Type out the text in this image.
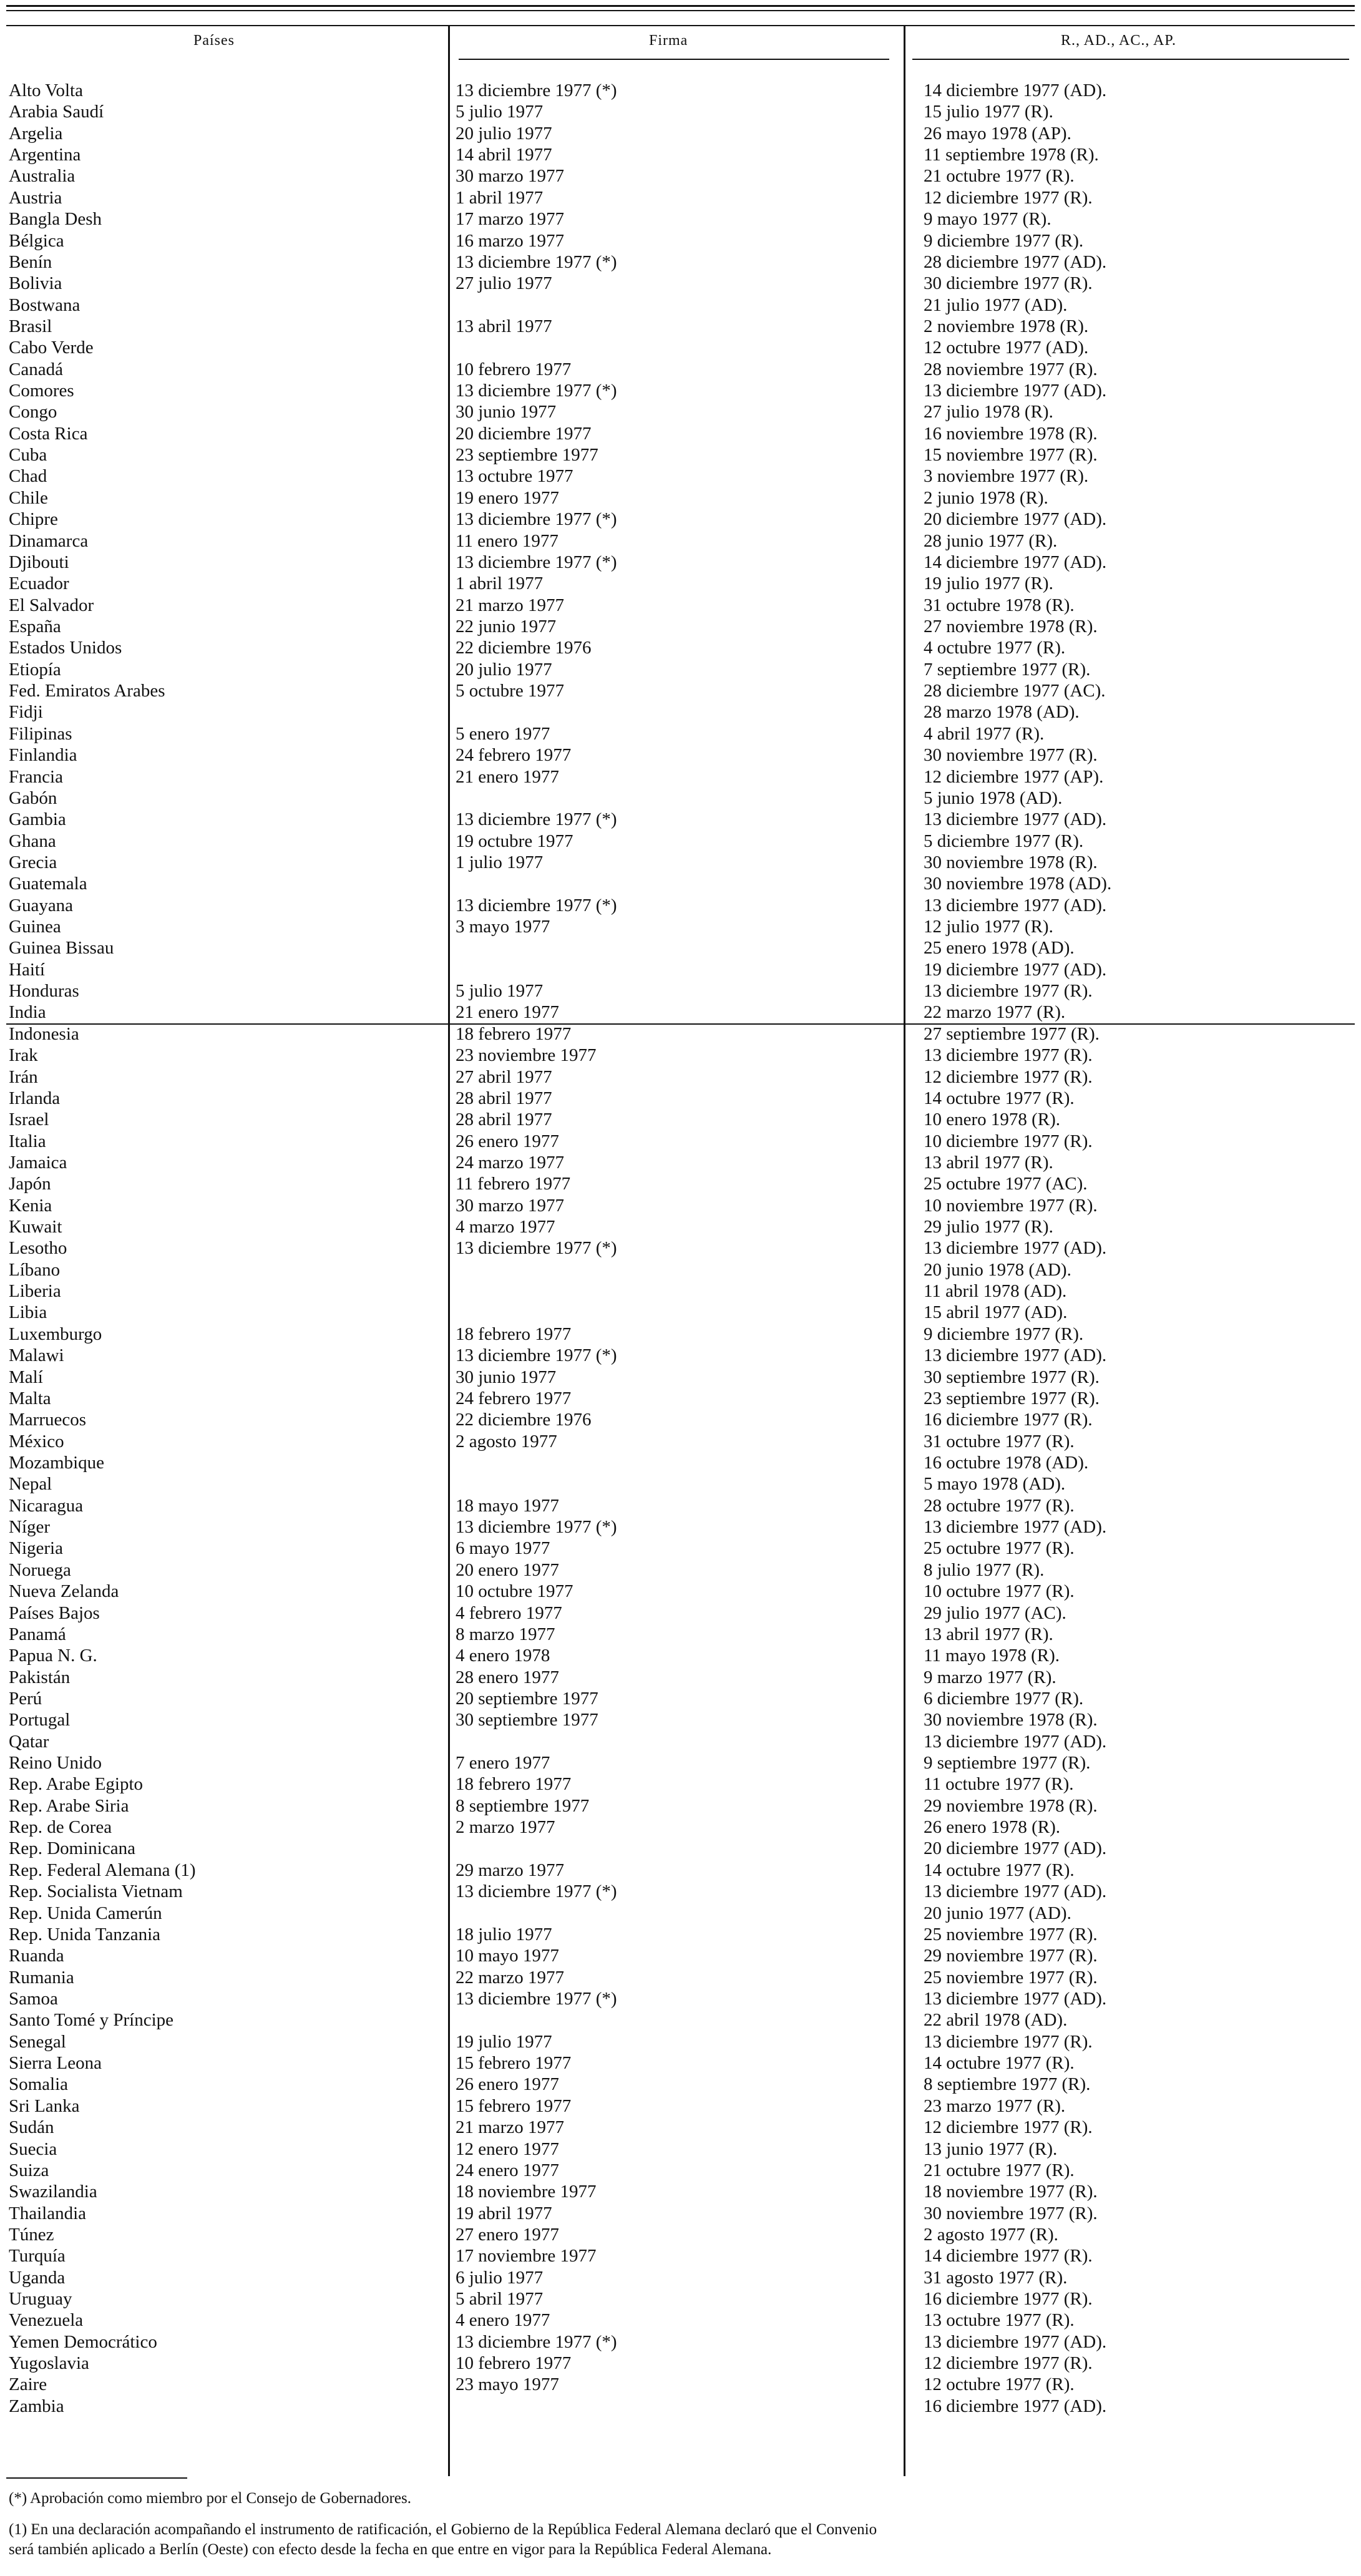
Países	Firma	R., AD., AC., AP.
Alto Volta
Arabia Saudí
Argelia
Argentina
Australia
Austria
Bangla Desh
Bélgica
Benín
Bolivia
Bostwana
Brasil
Cabo Verde
Canadá
Comores
Congo
Costa Rica
Cuba
Chad
Chile
Chipre
Dinamarca
Djibouti
Ecuador
El Salvador
España
Estados Unidos
Etiopía
Fed. Emiratos Arabes
Fidji
Filipinas
Finlandia
Francia
Gabón
Gambia
Ghana
Grecia
Guatemala
Guayana
Guinea
Guinea Bissau
Haití
Honduras
India
Indonesia
Irak
Irán
Irlanda
Israel
Italia
Jamaica
Japón
Kenia
Kuwait
Lesotho
Líbano
Liberia
Libia
Luxemburgo
Malawi
Malí
Malta
Marruecos
México
Mozambique
Nepal
Nicaragua
Níger
Nigeria
Noruega
Nueva Zelanda
Países Bajos
Panamá
Papua N. G.
Pakistán
Perú
Portugal
Qatar
Reino Unido
Rep. Arabe Egipto
Rep. Arabe Siria
Rep. de Corea
Rep. Dominicana
Rep. Federal Alemana (1)
Rep. Socialista Vietnam
Rep. Unida Camerún
Rep. Unida Tanzania
Ruanda
Rumania
Samoa
Santo Tomé y Príncipe
Senegal
Sierra Leona
Somalia
Sri Lanka
Sudán
Suecia
Suiza
Swazilandia
Thailandia
Túnez
Turquía
Uganda
Uruguay
Venezuela
Yemen Democrático
Yugoslavia
Zaire
Zambia
13 diciembre 1977 (*)
5 julio 1977
20 julio 1977
14 abril 1977
30 marzo 1977
1 abril 1977
17 marzo 1977
16 marzo 1977
13 diciembre 1977 (*)
27 julio 1977
13 abril 1977
10 febrero 1977
13 diciembre 1977 (*)
30 junio 1977
20 diciembre 1977
23 septiembre 1977
13 octubre 1977
19 enero 1977
13 diciembre 1977 (*)
11 enero 1977
13 diciembre 1977 (*)
1 abril 1977
21 marzo 1977
22 junio 1977
22 diciembre 1976
20 julio 1977
5 octubre 1977
5 enero 1977
24 febrero 1977
21 enero 1977
13 diciembre 1977 (*)
19 octubre 1977
1 julio 1977
13 diciembre 1977 (*)
3 mayo 1977
5 julio 1977
21 enero 1977
18 febrero 1977
23 noviembre 1977
27 abril 1977
28 abril 1977
28 abril 1977
26 enero 1977
24 marzo 1977
11 febrero 1977
30 marzo 1977
4 marzo 1977
13 diciembre 1977 (*)
18 febrero 1977
13 diciembre 1977 (*)
30 junio 1977
24 febrero 1977
22 diciembre 1976
2 agosto 1977
18 mayo 1977
13 diciembre 1977 (*)
6 mayo 1977
20 enero 1977
10 octubre 1977
4 febrero 1977
8 marzo 1977
4 enero 1978
28 enero 1977
20 septiembre 1977
30 septiembre 1977
7 enero 1977
18 febrero 1977
8 septiembre 1977
2 marzo 1977
29 marzo 1977
13 diciembre 1977 (*)
18 julio 1977
10 mayo 1977
22 marzo 1977
13 diciembre 1977 (*)
19 julio 1977
15 febrero 1977
26 enero 1977
15 febrero 1977
21 marzo 1977
12 enero 1977
24 enero 1977
18 noviembre 1977
19 abril 1977
27 enero 1977
17 noviembre 1977
6 julio 1977
5 abril 1977
4 enero 1977
13 diciembre 1977 (*)
10 febrero 1977
23 mayo 1977
14 diciembre 1977 (AD).
15 julio 1977 (R).
26 mayo 1978 (AP).
11 septiembre 1978 (R).
21 octubre 1977 (R).
12 diciembre 1977 (R).
9 mayo 1977 (R).
9 diciembre 1977 (R).
28 diciembre 1977 (AD).
30 diciembre 1977 (R).
21 julio 1977 (AD).
2 noviembre 1978 (R).
12 octubre 1977 (AD).
28 noviembre 1977 (R).
13 diciembre 1977 (AD).
27 julio 1978 (R).
16 noviembre 1978 (R).
15 noviembre 1977 (R).
3 noviembre 1977 (R).
2 junio 1978 (R).
20 diciembre 1977 (AD).
28 junio 1977 (R).
14 diciembre 1977 (AD).
19 julio 1977 (R).
31 octubre 1978 (R).
27 noviembre 1978 (R).
4 octubre 1977 (R).
7 septiembre 1977 (R).
28 diciembre 1977 (AC).
28 marzo 1978 (AD).
4 abril 1977 (R).
30 noviembre 1977 (R).
12 diciembre 1977 (AP).
5 junio 1978 (AD).
13 diciembre 1977 (AD).
5 diciembre 1977 (R).
30 noviembre 1978 (R).
30 noviembre 1978 (AD).
13 diciembre 1977 (AD).
12 julio 1977 (R).
25 enero 1978 (AD).
19 diciembre 1977 (AD).
13 diciembre 1977 (R).
22 marzo 1977 (R).
27 septiembre 1977 (R).
13 diciembre 1977 (R).
12 diciembre 1977 (R).
14 octubre 1977 (R).
10 enero 1978 (R).
10 diciembre 1977 (R).
13 abril 1977 (R).
25 octubre 1977 (AC).
10 noviembre 1977 (R).
29 julio 1977 (R).
13 diciembre 1977 (AD).
20 junio 1978 (AD).
11 abril 1978 (AD).
15 abril 1977 (AD).
9 diciembre 1977 (R).
13 diciembre 1977 (AD).
30 septiembre 1977 (R).
23 septiembre 1977 (R).
16 diciembre 1977 (R).
31 octubre 1977 (R).
16 octubre 1978 (AD).
5 mayo 1978 (AD).
28 octubre 1977 (R).
13 diciembre 1977 (AD).
25 octubre 1977 (R).
8 julio 1977 (R).
10 octubre 1977 (R).
29 julio 1977 (AC).
13 abril 1977 (R).
11 mayo 1978 (R).
9 marzo 1977 (R).
6 diciembre 1977 (R).
30 noviembre 1978 (R).
13 diciembre 1977 (AD).
9 septiembre 1977 (R).
11 octubre 1977 (R).
29 noviembre 1978 (R).
26 enero 1978 (R).
20 diciembre 1977 (AD).
14 octubre 1977 (R).
13 diciembre 1977 (AD).
20 junio 1977 (AD).
25 noviembre 1977 (R).
29 noviembre 1977 (R).
25 noviembre 1977 (R).
13 diciembre 1977 (AD).
22 abril 1978 (AD).
13 diciembre 1977 (R).
14 octubre 1977 (R).
8 septiembre 1977 (R).
23 marzo 1977 (R).
12 diciembre 1977 (R).
13 junio 1977 (R).
21 octubre 1977 (R).
18 noviembre 1977 (R).
30 noviembre 1977 (R).
2 agosto 1977 (R).
14 diciembre 1977 (R).
31 agosto 1977 (R).
16 diciembre 1977 (R).
13 octubre 1977 (R).
13 diciembre 1977 (AD).
12 diciembre 1977 (R).
12 octubre 1977 (R).
16 diciembre 1977 (AD).
(*) Aprobación como miembro por el Consejo de Gobernadores.
(1) En una declaración acompañando el instrumento de ratificación, el Gobierno de la República Federal Alemana declaró que el Convenio
será también aplicado a Berlín (Oeste) con efecto desde la fecha en que entre en vigor para la República Federal Alemana.
